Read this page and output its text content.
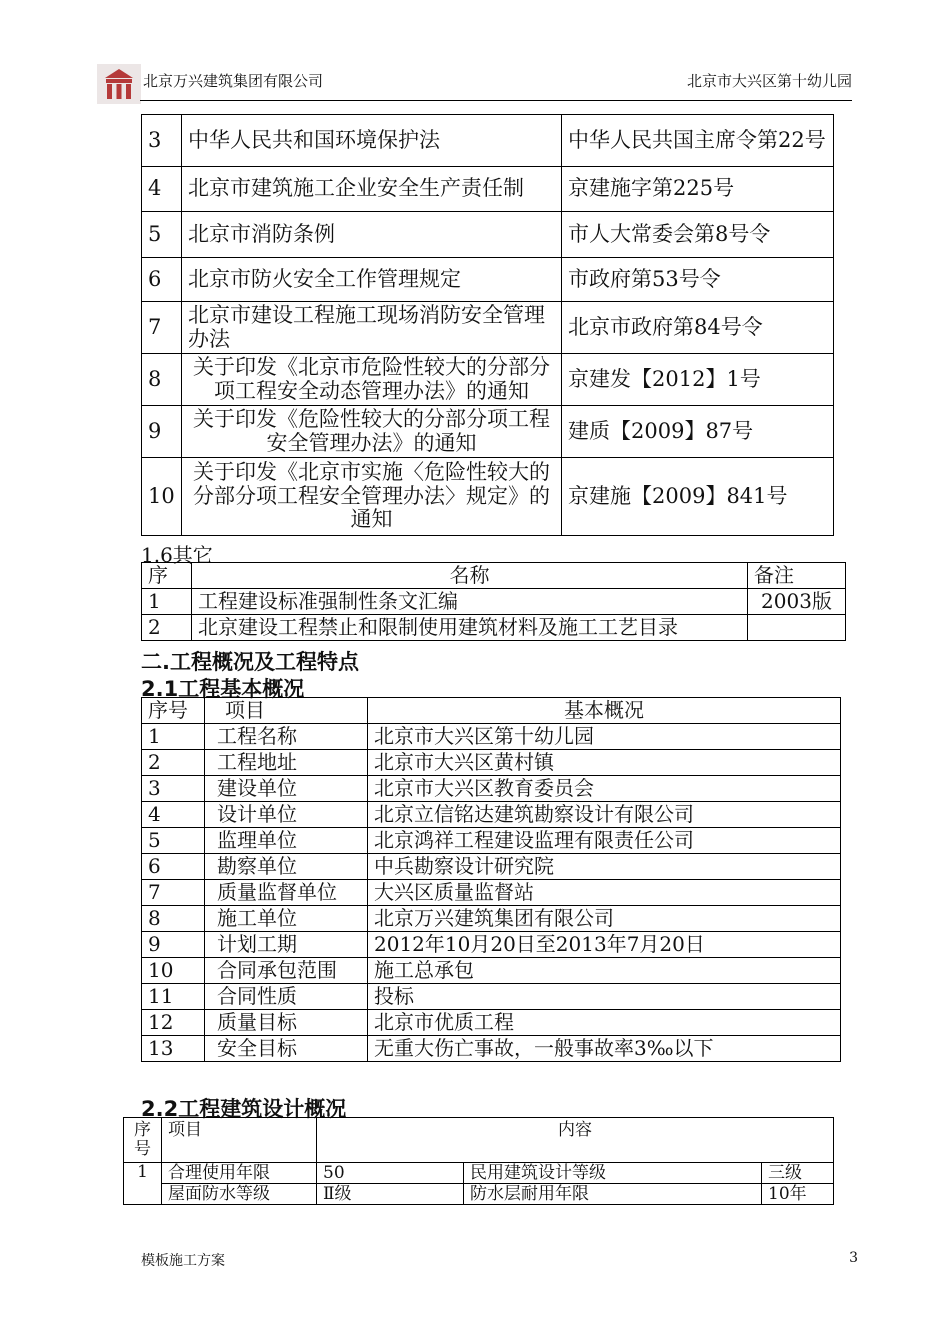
北京万兴建筑集团有限公司	北京市大兴区第十幼儿园
3	中华人民共和国环境保护法	中华人民共国主席令第22号
4	北京市建筑施工企业安全生产责任制	京建施字第225号
5	北京市消防条例	市人大常委会第8号令
6	北京市防火安全工作管理规定	市政府第53号令
7	北京市建设工程施工现场消防安全管理办法	北京市政府第84号令
8	关于印发《北京市危险性较大的分部分项工程安全动态管理办法》的通知	京建发【2012】1号
9	关于印发《危险性较大的分部分项工程安全管理办法》的通知	建质【2009】87号
10	关于印发《北京市实施〈危险性较大的分部分项工程安全管理办法〉规定》的通知	京建施【2009】841号
1.6其它
序	名称	备注
1	工程建设标准强制性条文汇编	2003版
2	北京建设工程禁止和限制使用建筑材料及施工工艺目录	
二.工程概况及工程特点
2.1工程基本概况
序号	项目	基本概况
1	工程名称	北京市大兴区第十幼儿园
2	工程地址	北京市大兴区黄村镇
3	建设单位	北京市大兴区教育委员会
4	设计单位	北京立信铭达建筑勘察设计有限公司
5	监理单位	北京鸿祥工程建设监理有限责任公司
6	勘察单位	中兵勘察设计研究院
7	质量监督单位	大兴区质量监督站
8	施工单位	北京万兴建筑集团有限公司
9	计划工期	2012年10月20日至2013年7月20日
10	合同承包范围	施工总承包
11	合同性质	投标
12	质量目标	北京市优质工程
13	安全目标	无重大伤亡事故，一般事故率3‰以下
2.2工程建筑设计概况
序号	项目	内容		
1	合理使用年限	50	民用建筑设计等级	三级
	屋面防水等级	Ⅱ级	防水层耐用年限	10年
模板施工方案	3
